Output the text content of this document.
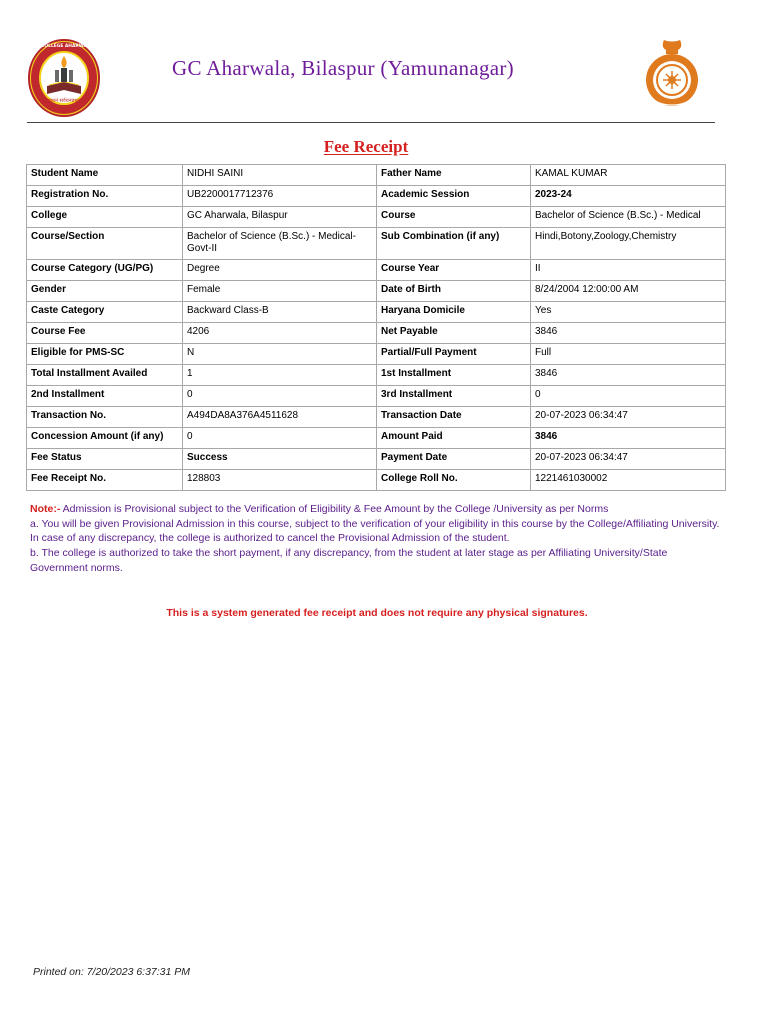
विद्याधनं सर्वधनप्रधानम्
GOVERNMENT COLLEGE AHARWALA (BILASPUR)
GC Aharwala, Bilaspur (Yamunanagar)
Fee Receipt
Student Name	NIDHI SAINI	Father Name	KAMAL KUMAR
Registration No.	UB2200017712376	Academic Session	2023-24
College	GC Aharwala, Bilaspur	Course	Bachelor of Science (B.Sc.) - Medical
Course/Section	Bachelor of Science (B.Sc.) - Medical-Govt-II	Sub Combination (if any)	Hindi,Botony,Zoology,Chemistry
Course Category (UG/PG)	Degree	Course Year	II
Gender	Female	Date of Birth	8/24/2004 12:00:00 AM
Caste Category	Backward Class-B	Haryana Domicile	Yes
Course Fee	4206	Net Payable	3846
Eligible for PMS-SC	N	Partial/Full Payment	Full
Total Installment Availed	1	1st Installment	3846
2nd Installment	0	3rd Installment	0
Transaction No.	A494DA8A376A4511628	Transaction Date	20-07-2023 06:34:47
Concession Amount (if any)	0	Amount Paid	3846
Fee Status	Success	Payment Date	20-07-2023 06:34:47
Fee Receipt No.	128803	College Roll No.	1221461030002

Note:- Admission is Provisional subject to the Verification of Eligibility & Fee Amount by the College /University as per Norms

a. You will be given Provisional Admission in this course, subject to the verification of your eligibility in this course by the College/Affiliating University. In case of any discrepancy, the college is authorized to cancel the Provisional Admission of the student.

b. The college is authorized to take the short payment, if any discrepancy, from the student at later stage as per Affiliating University/State Government norms.

This is a system generated fee receipt and does not require any physical signatures.
Printed on: 7/20/2023 6:37:31 PM
